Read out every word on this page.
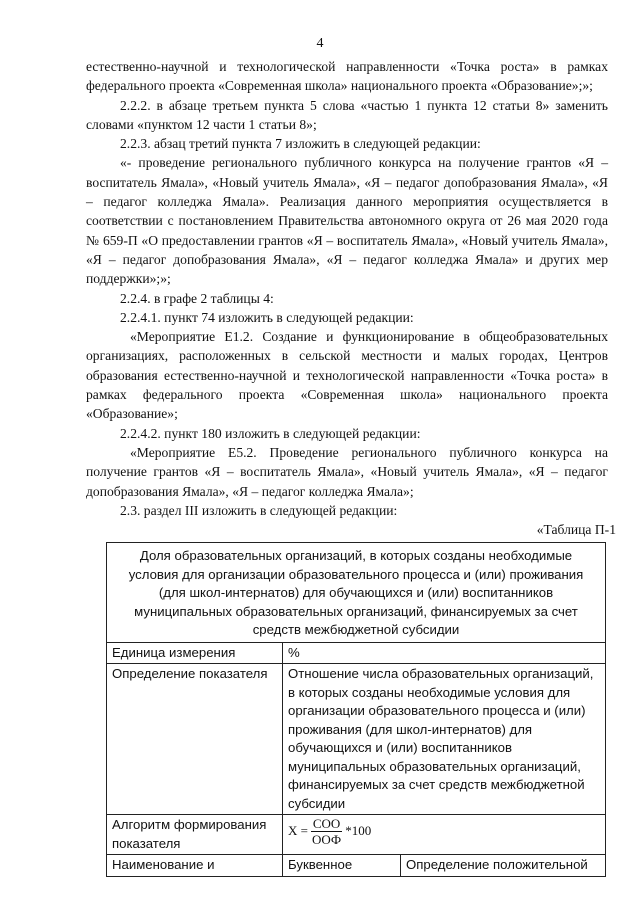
4

естественно-научной и технологической направленности «Точка роста» в рамках федерального проекта «Современная школа» национального проекта «Образование»;»;

2.2.2. в абзаце третьем пункта 5 слова «частью 1 пункта 12 статьи 8» заменить словами «пунктом 12 части 1 статьи 8»;

2.2.3. абзац третий пункта 7 изложить в следующей редакции:

«- проведение регионального публичного конкурса на получение грантов «Я – воспитатель Ямала», «Новый учитель Ямала», «Я – педагог допобразования Ямала», «Я – педагог колледжа Ямала». Реализация данного мероприятия осуществляется в соответствии с постановлением Правительства автономного округа от 26 мая 2020 года № 659-П «О предоставлении грантов «Я – воспитатель Ямала», «Новый учитель Ямала», «Я – педагог допобразования Ямала», «Я – педагог колледжа Ямала» и других мер поддержки»;»;

2.2.4. в графе 2 таблицы 4:

2.2.4.1. пункт 74 изложить в следующей редакции:

«Мероприятие Е1.2. Создание и функционирование в общеобразовательных организациях, расположенных в сельской местности и малых городах, Центров образования естественно-научной и технологической направленности «Точка роста» в рамках федерального проекта «Современная школа» национального проекта «Образование»;

2.2.4.2. пункт 180 изложить в следующей редакции:

«Мероприятие Е5.2. Проведение регионального публичного конкурса на получение грантов «Я – воспитатель Ямала», «Новый учитель Ямала», «Я – педагог допобразования Ямала», «Я – педагог колледжа Ямала»;

2.3. раздел III изложить в следующей редакции:

«Таблица П-1

Доля образовательных организаций, в которых созданы необходимые условия для организации образовательного процесса и (или) проживания (для школ-интернатов) для обучающихся и (или) воспитанников муниципальных образовательных организаций, финансируемых за счет средств межбюджетной субсидии		
Единица измерения	%	
Определение показателя	Отношение числа образовательных организаций, в которых созданы необходимые условия для организации образовательного процесса и (или) проживания (для школ-интернатов) для обучающихся и (или) воспитанников муниципальных образовательных организаций, финансируемых за счет средств межбюджетной субсидии	
Алгоритм формирования показателя	$Х = \frac{\text{СОО}}{\text{ООФ}} *100$	

Наименование и	Буквенное	Определение положительной
